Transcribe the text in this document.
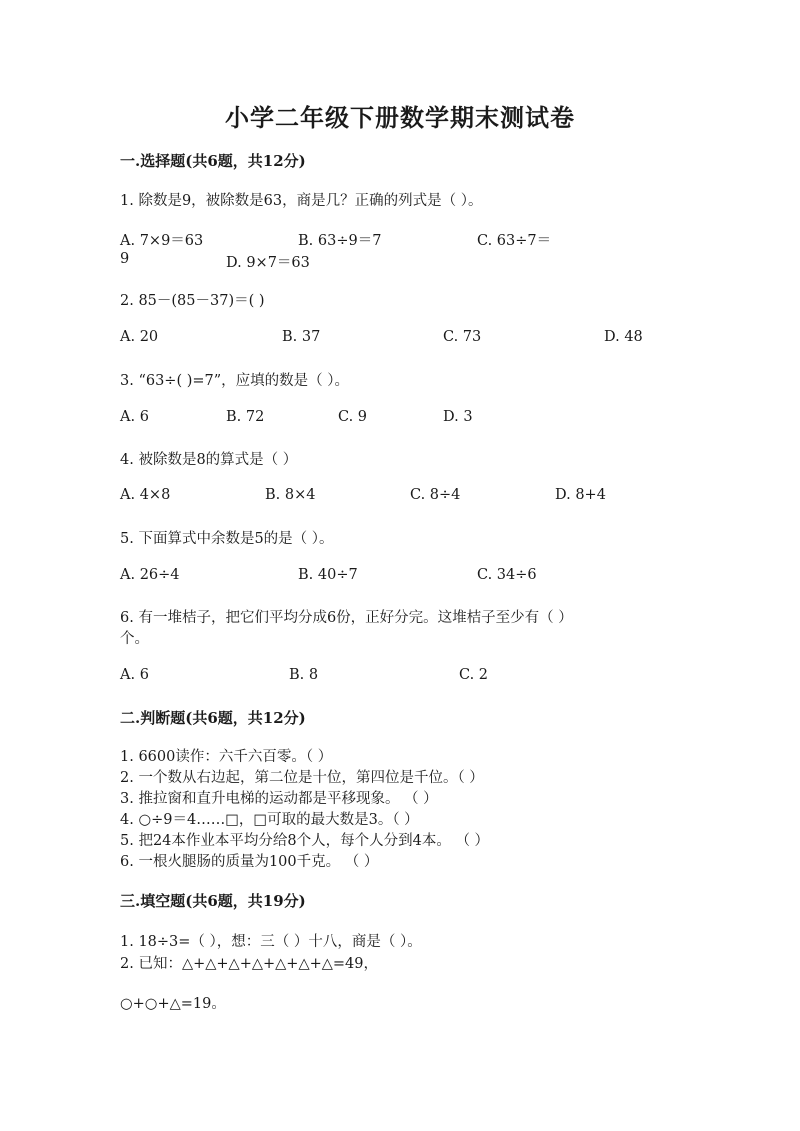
小学二年级下册数学期末测试卷
一.选择题(共6题，共12分)
1. 除数是9，被除数是63，商是几？正确的列式是（ ）。
A. 7×9＝63	B. 63÷9＝7	C. 63÷7＝
9	D. 9×7＝63
2. 85－(85－37)＝( )
A. 20	B. 37	C. 73	D. 48
3. “63÷( )=7”，应填的数是（ ）。
A. 6	B. 72	C. 9	D. 3
4. 被除数是8的算式是（ ）
A. 4×8	B. 8×4	C. 8÷4	D. 8+4
5. 下面算式中余数是5的是（ ）。
A. 26÷4	B. 40÷7	C. 34÷6
6. 有一堆桔子，把它们平均分成6份，正好分完。这堆桔子至少有（ ）
个。
A. 6	B. 8	C. 2
二.判断题(共6题，共12分)
1. 6600读作：六千六百零。（ ）
2. 一个数从右边起，第二位是十位，第四位是千位。（ ）
3. 推拉窗和直升电梯的运动都是平移现象。 （ ）
4. ○÷9＝4……□，□可取的最大数是3。（ ）
5. 把24本作业本平均分给8个人，每个人分到4本。 （ ）
6. 一根火腿肠的质量为100千克。 （ ）
三.填空题(共6题，共19分)
1. 18÷3=（ ），想：三（ ）十八，商是（ ）。
2. 已知：△+△+△+△+△+△+△=49，
○+○+△=19。
